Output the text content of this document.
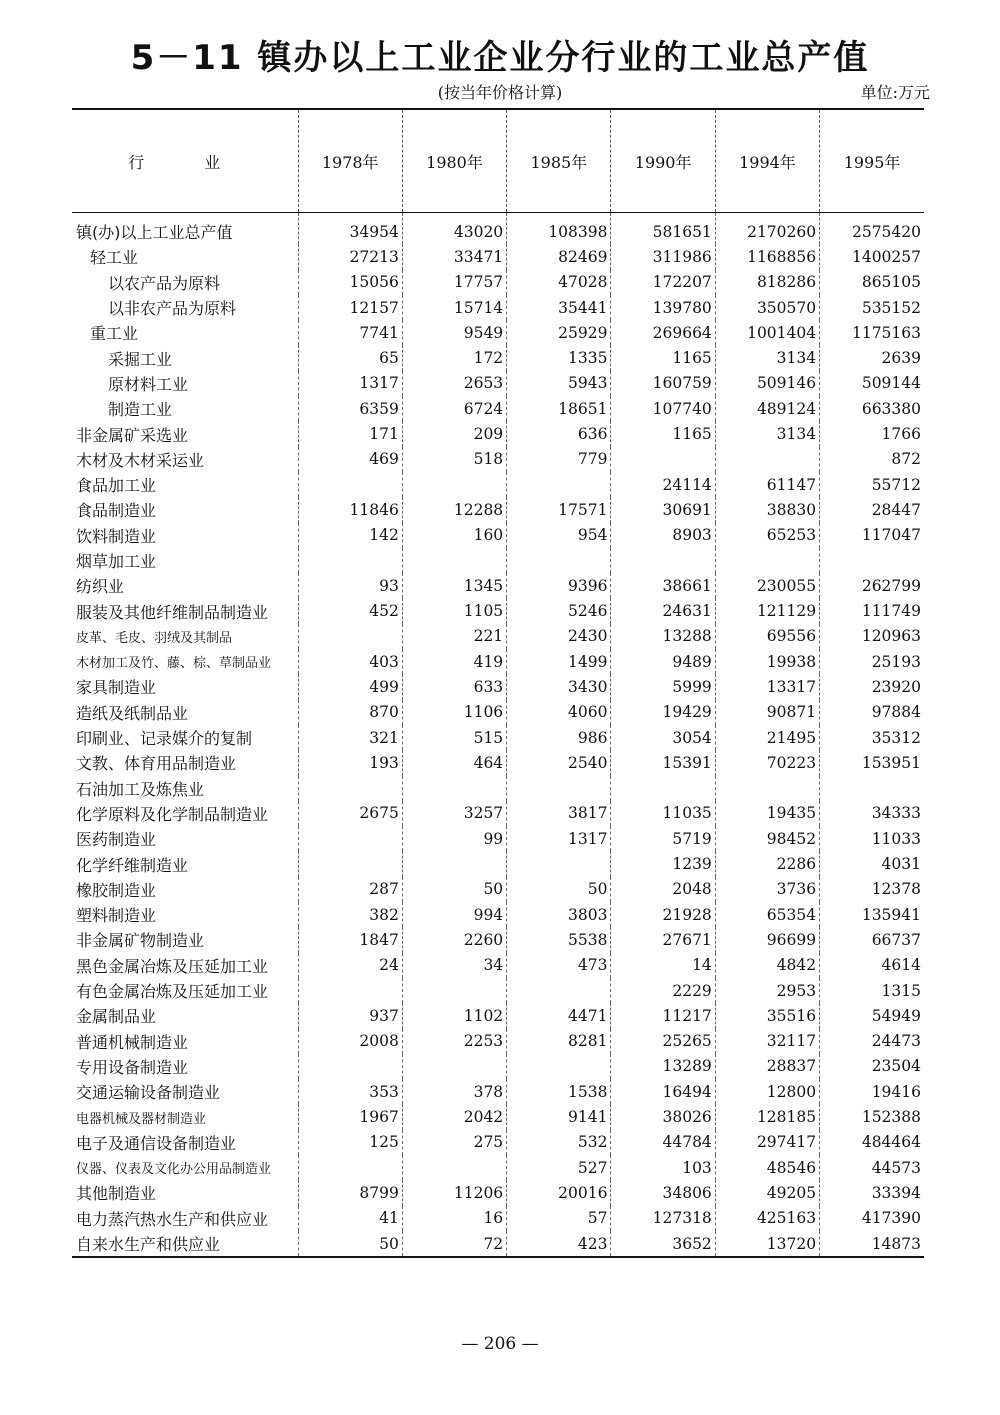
5－11 镇办以上工业企业分行业的工业总产值
(按当年价格计算)	单位:万元
行业	1978年	1980年	1985年	1990年	1994年	1995年
镇(办)以上工业总产值	34954	43020	108398	581651	2170260	2575420
轻工业	27213	33471	82469	311986	1168856	1400257
以农产品为原料	15056	17757	47028	172207	818286	865105
以非农产品为原料	12157	15714	35441	139780	350570	535152
重工业	7741	9549	25929	269664	1001404	1175163
采掘工业	65	172	1335	1165	3134	2639
原材料工业	1317	2653	5943	160759	509146	509144
制造工业	6359	6724	18651	107740	489124	663380
非金属矿采选业	171	209	636	1165	3134	1766
木材及木材采运业	469	518	779			872
食品加工业				24114	61147	55712
食品制造业	11846	12288	17571	30691	38830	28447
饮料制造业	142	160	954	8903	65253	117047
烟草加工业						
纺织业	93	1345	9396	38661	230055	262799
服装及其他纤维制品制造业	452	1105	5246	24631	121129	111749
皮革、毛皮、羽绒及其制品		221	2430	13288	69556	120963
木材加工及竹、藤、棕、草制品业	403	419	1499	9489	19938	25193
家具制造业	499	633	3430	5999	13317	23920
造纸及纸制品业	870	1106	4060	19429	90871	97884
印刷业、记录媒介的复制	321	515	986	3054	21495	35312
文教、体育用品制造业	193	464	2540	15391	70223	153951
石油加工及炼焦业						
化学原料及化学制品制造业	2675	3257	3817	11035	19435	34333
医药制造业		99	1317	5719	98452	11033
化学纤维制造业				1239	2286	4031
橡胶制造业	287	50	50	2048	3736	12378
塑料制造业	382	994	3803	21928	65354	135941
非金属矿物制造业	1847	2260	5538	27671	96699	66737
黑色金属冶炼及压延加工业	24	34	473	14	4842	4614
有色金属冶炼及压延加工业				2229	2953	1315
金属制品业	937	1102	4471	11217	35516	54949
普通机械制造业	2008	2253	8281	25265	32117	24473
专用设备制造业				13289	28837	23504
交通运输设备制造业	353	378	1538	16494	12800	19416
电器机械及器材制造业	1967	2042	9141	38026	128185	152388
电子及通信设备制造业	125	275	532	44784	297417	484464
仪器、仪表及文化办公用品制造业			527	103	48546	44573
其他制造业	8799	11206	20016	34806	49205	33394
电力蒸汽热水生产和供应业	41	16	57	127318	425163	417390
自来水生产和供应业	50	72	423	3652	13720	14873
— 206 —
